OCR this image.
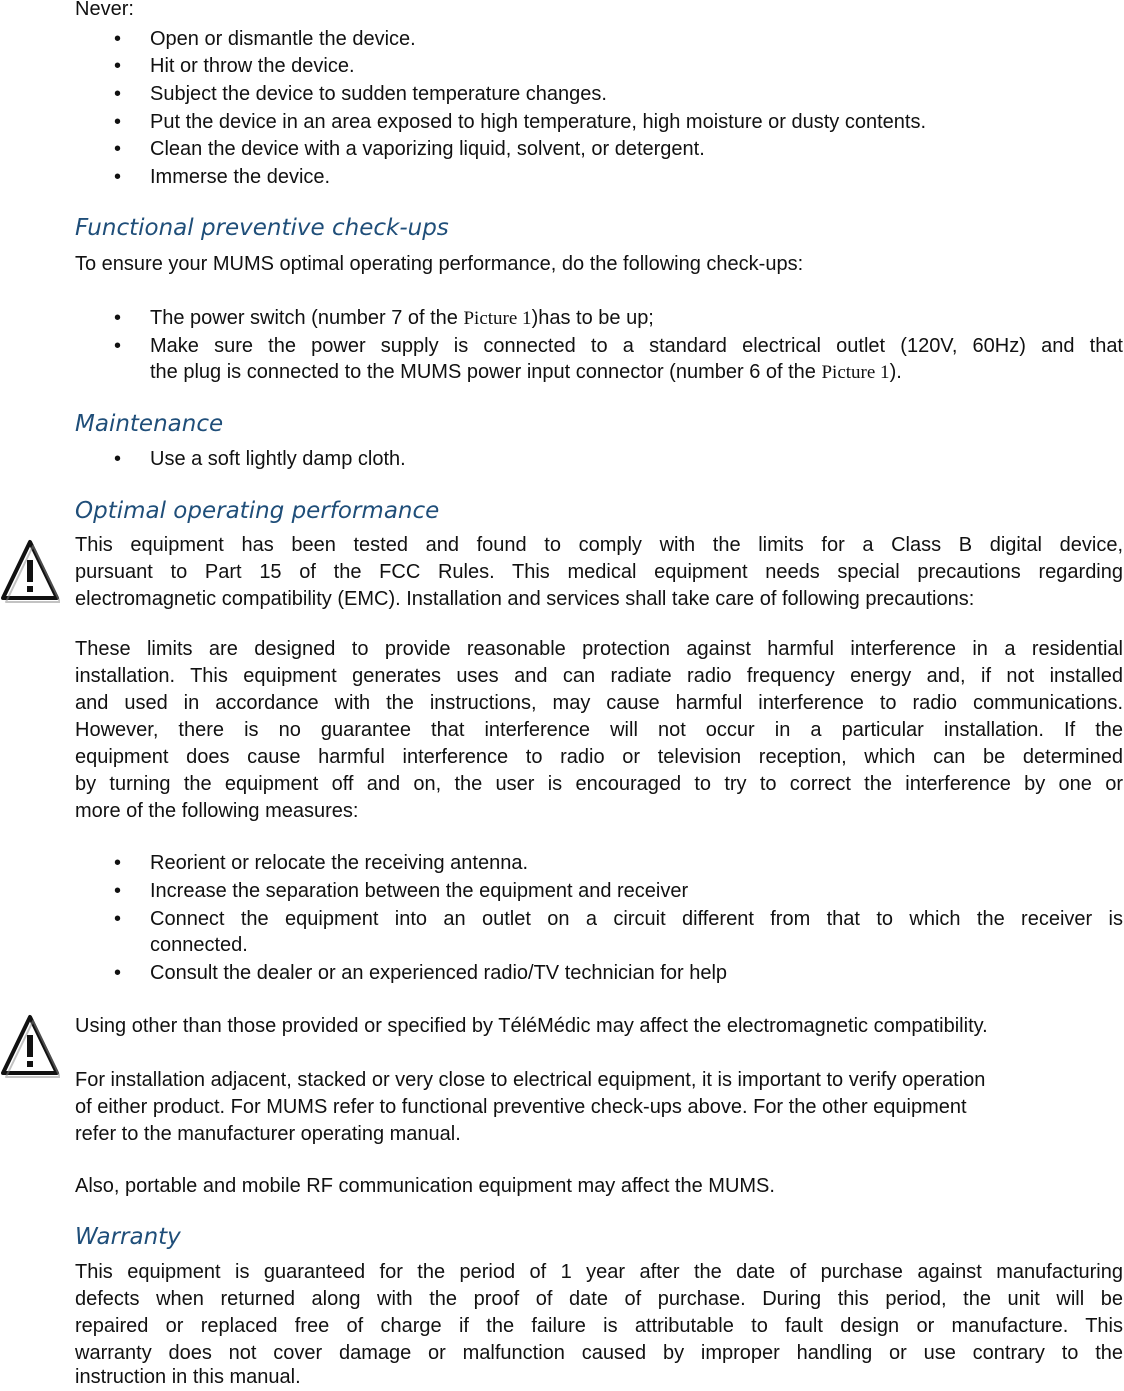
Never:

• Open or dismantle the device.
• Hit or throw the device.
• Subject the device to sudden temperature changes.
• Put the device in an area exposed to high temperature, high moisture or dusty contents.
• Clean the device with a vaporizing liquid, solvent, or detergent.
• Immerse the device.
Functional preventive check-ups

To ensure your MUMS optimal operating performance, do the following check-ups:

• The power switch (number 7 of the Picture 1)has to be up;
• Make sure the power supply is connected to a standard electrical outlet (120V, 60Hz) and that
the plug is connected to the MUMS power input connector (number 6 of the Picture 1).
Maintenance
• Use a soft lightly damp cloth.
Optimal operating performance

This equipment has been tested and found to comply with the limits for a Class B digital device,

pursuant to Part 15 of the FCC Rules. This medical equipment needs special precautions regarding

electromagnetic compatibility (EMC). Installation and services shall take care of following precautions:

These limits are designed to provide reasonable protection against harmful interference in a residential

installation. This equipment generates uses and can radiate radio frequency energy and, if not installed

and used in accordance with the instructions, may cause harmful interference to radio communications.

However, there is no guarantee that interference will not occur in a particular installation. If the

equipment does cause harmful interference to radio or television reception, which can be determined

by turning the equipment off and on, the user is encouraged to try to correct the interference by one or

more of the following measures:

• Reorient or relocate the receiving antenna.
• Increase the separation between the equipment and receiver
• Connect the equipment into an outlet on a circuit different from that to which the receiver is
connected.
• Consult the dealer or an experienced radio/TV technician for help

Using other than those provided or specified by TéléMédic may affect the electromagnetic compatibility.

For installation adjacent, stacked or very close to electrical equipment, it is important to verify operation

of either product. For MUMS refer to functional preventive check-ups above. For the other equipment

refer to the manufacturer operating manual.

Also, portable and mobile RF communication equipment may affect the MUMS.

Warranty

This equipment is guaranteed for the period of 1 year after the date of purchase against manufacturing

defects when returned along with the proof of date of purchase. During this period, the unit will be

repaired or replaced free of charge if the failure is attributable to fault design or manufacture. This

warranty does not cover damage or malfunction caused by improper handling or use contrary to the

instruction in this manual.
